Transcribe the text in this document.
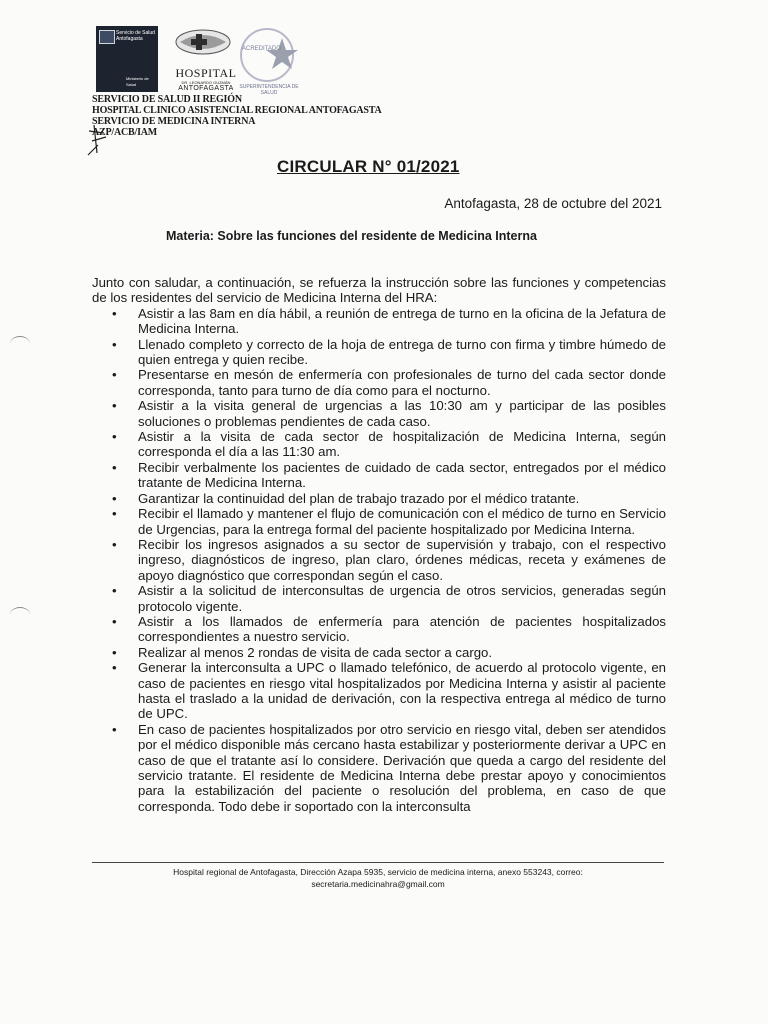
Servicio de Salud
Antofagasta
Ministerio de
Salud
HOSPITAL
DR. LEONARDO GUZMÁN
ANTOFAGASTA
ACREDITADO
SUPERINTENDENCIA DE SALUD
SERVICIO DE SALUD II REGIÓN
HOSPITAL CLINICO ASISTENCIAL REGIONAL ANTOFAGASTA
SERVICIO DE MEDICINA INTERNA
AZP/ACB/IAM
CIRCULAR N° 01/2021
Antofagasta, 28 de octubre del 2021
Materia: Sobre las funciones del residente de Medicina Interna

Junto con saludar, a continuación, se refuerza la instrucción sobre las funciones y competencias de los residentes del servicio de Medicina Interna del HRA:

• Asistir a las 8am en día hábil, a reunión de entrega de turno en la oficina de la Jefatura de Medicina Interna.
• Llenado completo y correcto de la hoja de entrega de turno con firma y timbre húmedo de quien entrega y quien recibe.
• Presentarse en mesón de enfermería con profesionales de turno del cada sector donde corresponda, tanto para turno de día como para el nocturno.
• Asistir a la visita general de urgencias a las 10:30 am y participar de las posibles soluciones o problemas pendientes de cada caso.
• Asistir a la visita de cada sector de hospitalización de Medicina Interna, según corresponda el día a las 11:30 am.
• Recibir verbalmente los pacientes de cuidado de cada sector, entregados por el médico tratante de Medicina Interna.
• Garantizar la continuidad del plan de trabajo trazado por el médico tratante.
• Recibir el llamado y mantener el flujo de comunicación con el médico de turno en Servicio de Urgencias, para la entrega formal del paciente hospitalizado por Medicina Interna.
• Recibir los ingresos asignados a su sector de supervisión y trabajo, con el respectivo ingreso, diagnósticos de ingreso, plan claro, órdenes médicas, receta y exámenes de apoyo diagnóstico que correspondan según el caso.
• Asistir a la solicitud de interconsultas de urgencia de otros servicios, generadas según protocolo vigente.
• Asistir a los llamados de enfermería para atención de pacientes hospitalizados correspondientes a nuestro servicio.
• Realizar al menos 2 rondas de visita de cada sector a cargo.
• Generar la interconsulta a UPC o llamado telefónico, de acuerdo al protocolo vigente, en caso de pacientes en riesgo vital hospitalizados por Medicina Interna y asistir al paciente hasta el traslado a la unidad de derivación, con la respectiva entrega al médico de turno de UPC.
• En caso de pacientes hospitalizados por otro servicio en riesgo vital, deben ser atendidos por el médico disponible más cercano hasta estabilizar y posteriormente derivar a UPC en caso de que el tratante así lo considere. Derivación que queda a cargo del residente del servicio tratante. El residente de Medicina Interna debe prestar apoyo y conocimientos para la estabilización del paciente o resolución del problema, en caso de que corresponda. Todo debe ir soportado con la interconsulta
Hospital regional de Antofagasta, Dirección Azapa 5935, servicio de medicina interna, anexo 553243, correo:
secretaria.medicinahra@gmail.com
